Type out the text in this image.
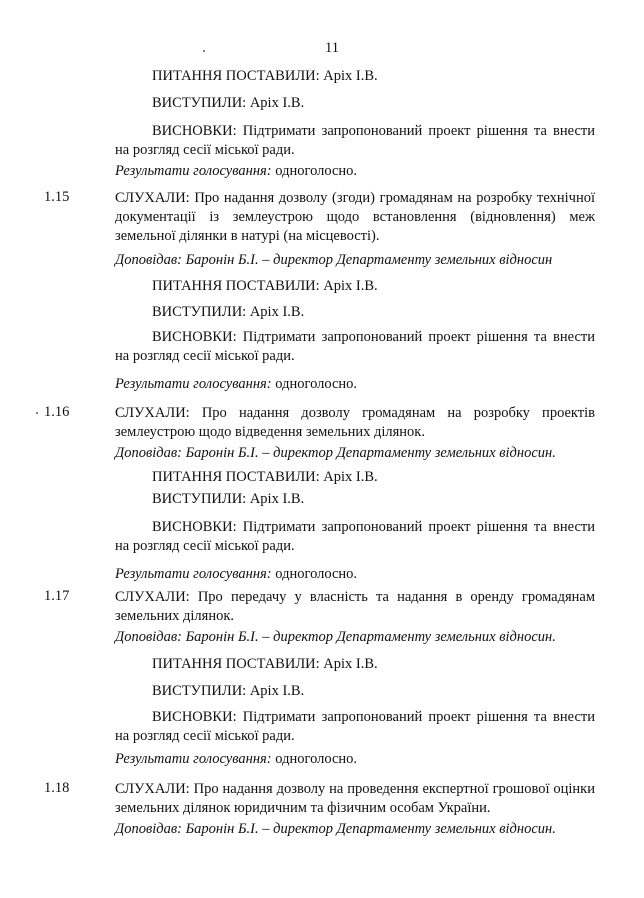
11
ПИТАННЯ ПОСТАВИЛИ: Аріх І.В.
ВИСТУПИЛИ: Аріх І.В.
ВИСНОВКИ: Підтримати запропонований проект рішення та внести на розгляд сесії міської ради.
Результати голосування: одноголосно.
1.15	СЛУХАЛИ: Про надання дозволу (згоди) громадянам на розробку технічної документації із землеустрою щодо встановлення (відновлення) меж земельної ділянки в натурі (на місцевості).
Доповідав: Баронін Б.І. – директор Департаменту земельних відносин
ПИТАННЯ ПОСТАВИЛИ: Аріх І.В.
ВИСТУПИЛИ: Аріх І.В.
ВИСНОВКИ: Підтримати запропонований проект рішення та внести на розгляд сесії міської ради.
Результати голосування: одноголосно.
1.16	СЛУХАЛИ: Про надання дозволу громадянам на розробку проектів землеустрою щодо відведення земельних ділянок.
Доповідав: Баронін Б.І. – директор Департаменту земельних відносин.
ПИТАННЯ ПОСТАВИЛИ: Аріх І.В.
ВИСТУПИЛИ: Аріх І.В.
ВИСНОВКИ: Підтримати запропонований проект рішення та внести на розгляд сесії міської ради.
Результати голосування: одноголосно.
1.17	СЛУХАЛИ: Про передачу у власність та надання в оренду громадянам земельних ділянок.
Доповідав: Баронін Б.І. – директор Департаменту земельних відносин.
ПИТАННЯ ПОСТАВИЛИ: Аріх І.В.
ВИСТУПИЛИ: Аріх І.В.
ВИСНОВКИ: Підтримати запропонований проект рішення та внести на розгляд сесії міської ради.
Результати голосування: одноголосно.
1.18	СЛУХАЛИ: Про надання дозволу на проведення експертної грошової оцінки земельних ділянок юридичним та фізичним особам України.
Доповідав: Баронін Б.І. – директор Департаменту земельних відносин.
